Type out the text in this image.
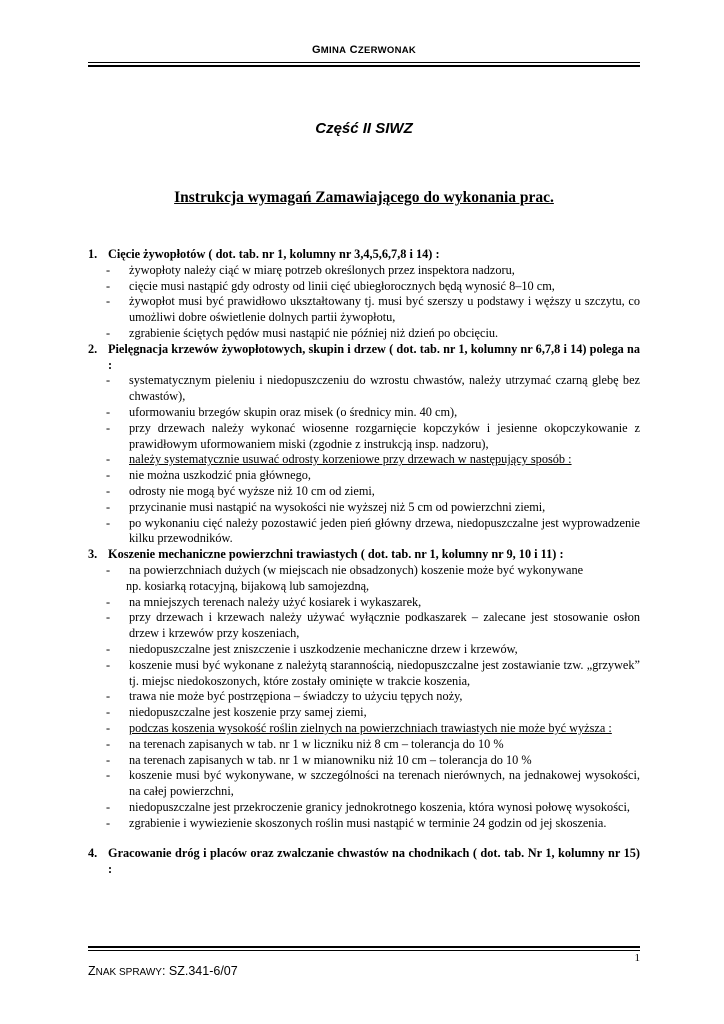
GMINA CZERWONAK
Część II SIWZ
Instrukcja wymagań Zamawiającego do wykonania prac.
1. Cięcie żywopłotów ( dot. tab. nr 1, kolumny nr 3,4,5,6,7,8 i 14) :
- żywopłoty należy ciąć w miarę potrzeb określonych przez inspektora nadzoru,
- cięcie musi nastąpić gdy odrosty od linii cięć ubiegłorocznych będą wynosić 8–10 cm,
- żywopłot musi być prawidłowo ukształtowany tj. musi być szerszy u podstawy i węższy u szczytu, co umożliwi dobre oświetlenie dolnych partii żywopłotu,
- zgrabienie ściętych pędów musi nastąpić nie później niż dzień po obcięciu.
2. Pielęgnacja krzewów żywopłotowych, skupin i drzew ( dot. tab. nr 1, kolumny nr 6,7,8 i 14) polega na :
- systematycznym pieleniu i niedopuszczeniu do wzrostu chwastów, należy utrzymać czarną glebę bez chwastów),
- uformowaniu brzegów skupin oraz misek (o średnicy min. 40 cm),
- przy drzewach należy wykonać wiosenne rozgarnięcie kopczyków i jesienne okopczykowanie z prawidłowym uformowaniem miski (zgodnie z instrukcją insp. nadzoru),
- należy systematycznie usuwać odrosty korzeniowe przy drzewach w następujący sposób :
- nie można uszkodzić pnia głównego,
- odrosty nie mogą być wyższe niż 10 cm od ziemi,
- przycinanie musi nastąpić na wysokości nie wyższej niż 5 cm od powierzchni ziemi,
- po wykonaniu cięć należy pozostawić jeden pień główny drzewa, niedopuszczalne jest wyprowadzenie kilku przewodników.
3. Koszenie mechaniczne powierzchni trawiastych ( dot. tab. nr 1, kolumny nr 9, 10 i 11) :
- na powierzchniach dużych (w miejscach nie obsadzonych) koszenie może być wykonywane
np. kosiarką rotacyjną, bijakową lub samojezdną,
- na mniejszych terenach należy użyć kosiarek i wykaszarek,
- przy drzewach i krzewach należy używać wyłącznie podkaszarek – zalecane jest stosowanie osłon drzew i krzewów przy koszeniach,
- niedopuszczalne jest zniszczenie i uszkodzenie mechaniczne drzew i krzewów,
- koszenie musi być wykonane z należytą starannością, niedopuszczalne jest zostawianie tzw. „grzywek” tj. miejsc niedokoszonych, które zostały ominięte w trakcie koszenia,
- trawa nie może być postrzępiona – świadczy to użyciu tępych noży,
- niedopuszczalne jest koszenie przy samej ziemi,
- podczas koszenia wysokość roślin zielnych na powierzchniach trawiastych nie może być wyższa :
- na terenach zapisanych w tab. nr 1 w liczniku niż 8 cm – tolerancja do 10 %
- na terenach zapisanych w tab. nr 1 w mianowniku niż 10 cm – tolerancja do 10 %
- koszenie musi być wykonywane, w szczególności na terenach nierównych, na jednakowej wysokości, na całej powierzchni,
- niedopuszczalne jest przekroczenie granicy jednokrotnego koszenia, która wynosi połowę wysokości,
- zgrabienie i wywiezienie skoszonych roślin musi nastąpić w terminie 24 godzin od jej skoszenia.
4. Gracowanie dróg i placów oraz zwalczanie chwastów na chodnikach ( dot. tab. Nr 1, kolumny nr 15) :
1
ZNAK SPRAWY: SZ.341-6/07
